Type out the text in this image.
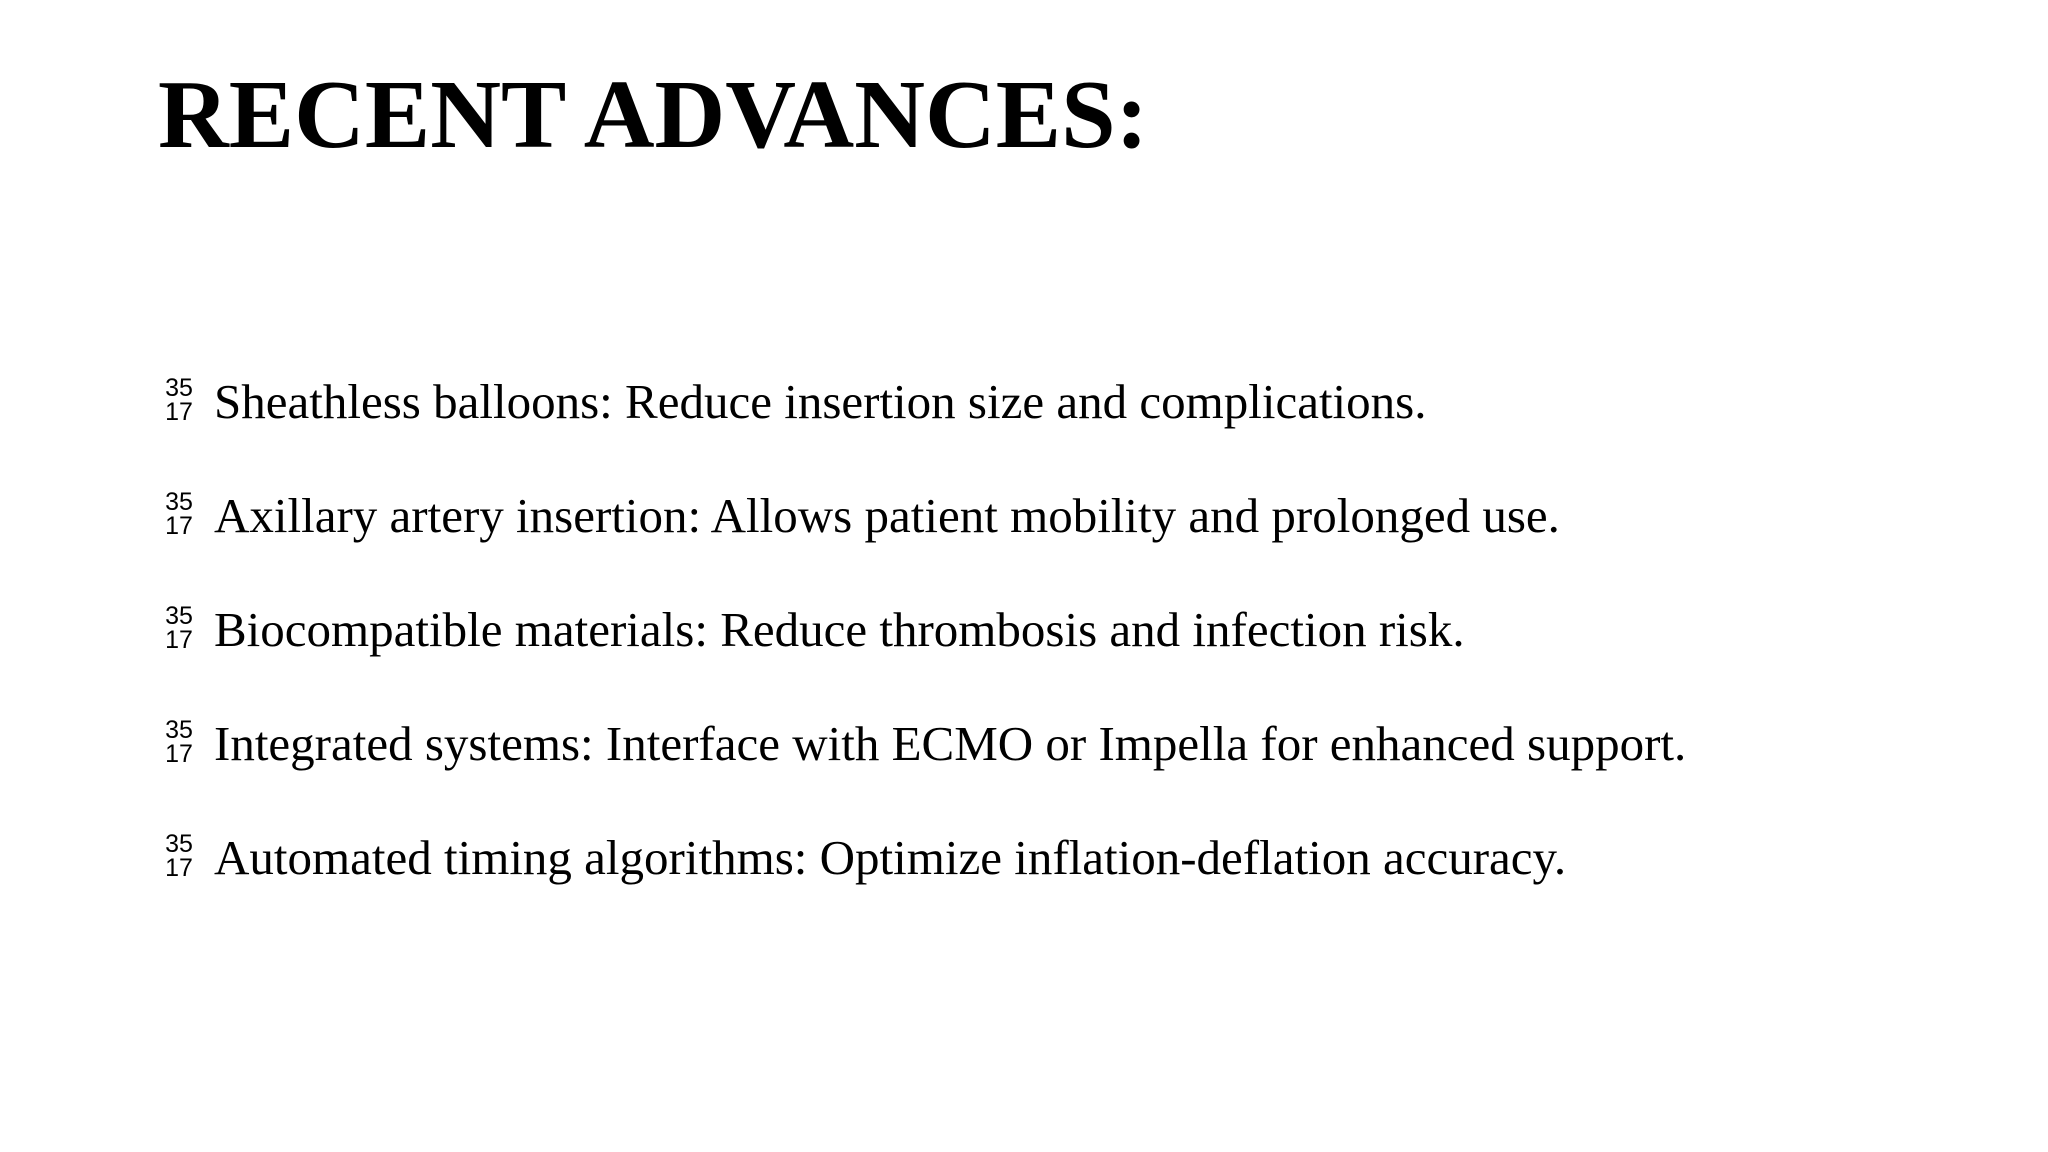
RECENT ADVANCES:
35
17 Sheathless balloons: Reduce insertion size and complications.
35
17 Axillary artery insertion: Allows patient mobility and prolonged use.
35
17 Biocompatible materials: Reduce thrombosis and infection risk.
35
17 Integrated systems: Interface with ECMO or Impella for enhanced support.
35
17 Automated timing algorithms: Optimize inflation-deflation accuracy.
